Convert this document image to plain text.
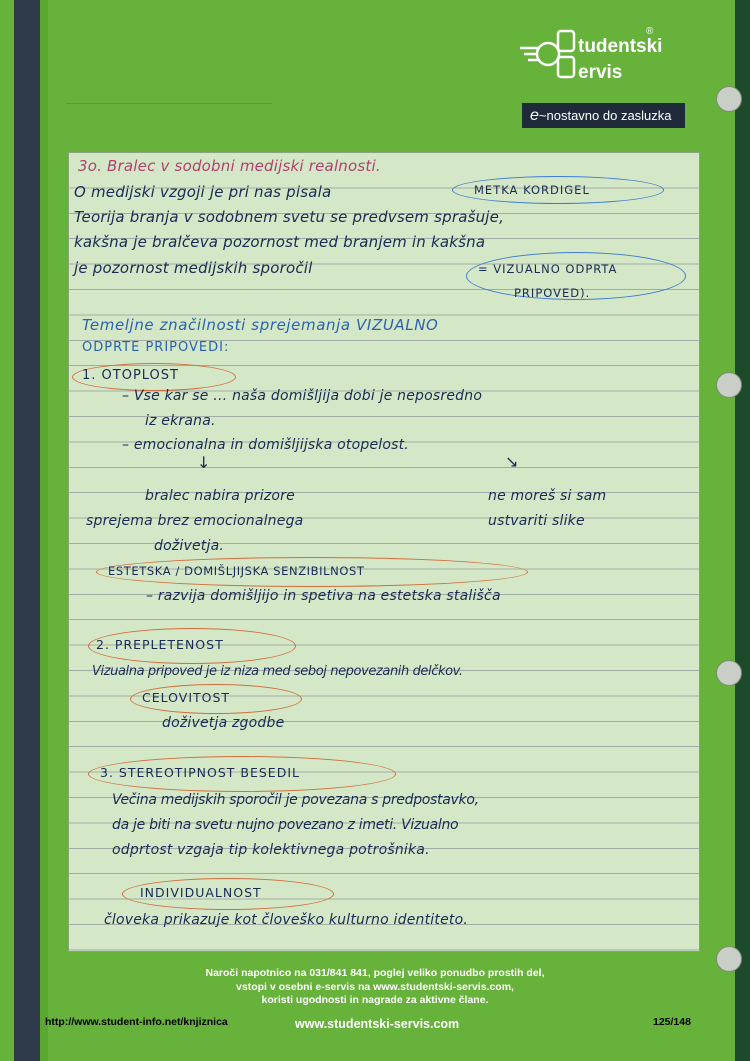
tudentski
ervis
®
e~nostavno do zasluzka
3o. Bralec v sodobni medijski realnosti.
O medijski vzgoji je pri nas pisala	METKA KORDIGEL
Teorija branja v sodobnem svetu se predvsem sprašuje,
kakšna je bralčeva pozornost med branjem in kakšna
je pozornost medijskih sporočil	= VIZUALNO ODPRTA
PRIPOVED).
Temeljne značilnosti sprejemanja VIZUALNO
ODPRTE PRIPOVEDI:
1. OTOPLOST
– Vse kar se … naša domišljija dobi je neposredno
iz ekrana.
– emocionalna in domišljijska otopelost.
↓	↘
bralec nabira prizore	ne moreš si sam
sprejema brez emocionalnega	ustvariti slike
doživetja.
ESTETSKA / DOMIŠLJIJSKA SENZIBILNOST
– razvija domišljijo in spetiva na estetska stališča
2. PREPLETENOST
Vizualna pripoved je iz niza med seboj nepovezanih delčkov.
CELOVITOST
doživetja zgodbe
3. STEREOTIPNOST BESEDIL
Večina medijskih sporočil je povezana s predpostavko,
da je biti na svetu nujno povezano z imeti. Vizualno
odprtost vzgaja tip kolektivnega potrošnika.
INDIVIDUALNOST
človeka prikazuje kot človeško kulturno identiteto.
Naroči napotnico na 031/841 841, poglej veliko ponudbo prostih del,
vstopi v osebni e-servis na www.studentski-servis.com,
koristi ugodnosti in nagrade za aktivne člane.
http://www.student-info.net/knjiznica	www.studentski-servis.com	125/148
